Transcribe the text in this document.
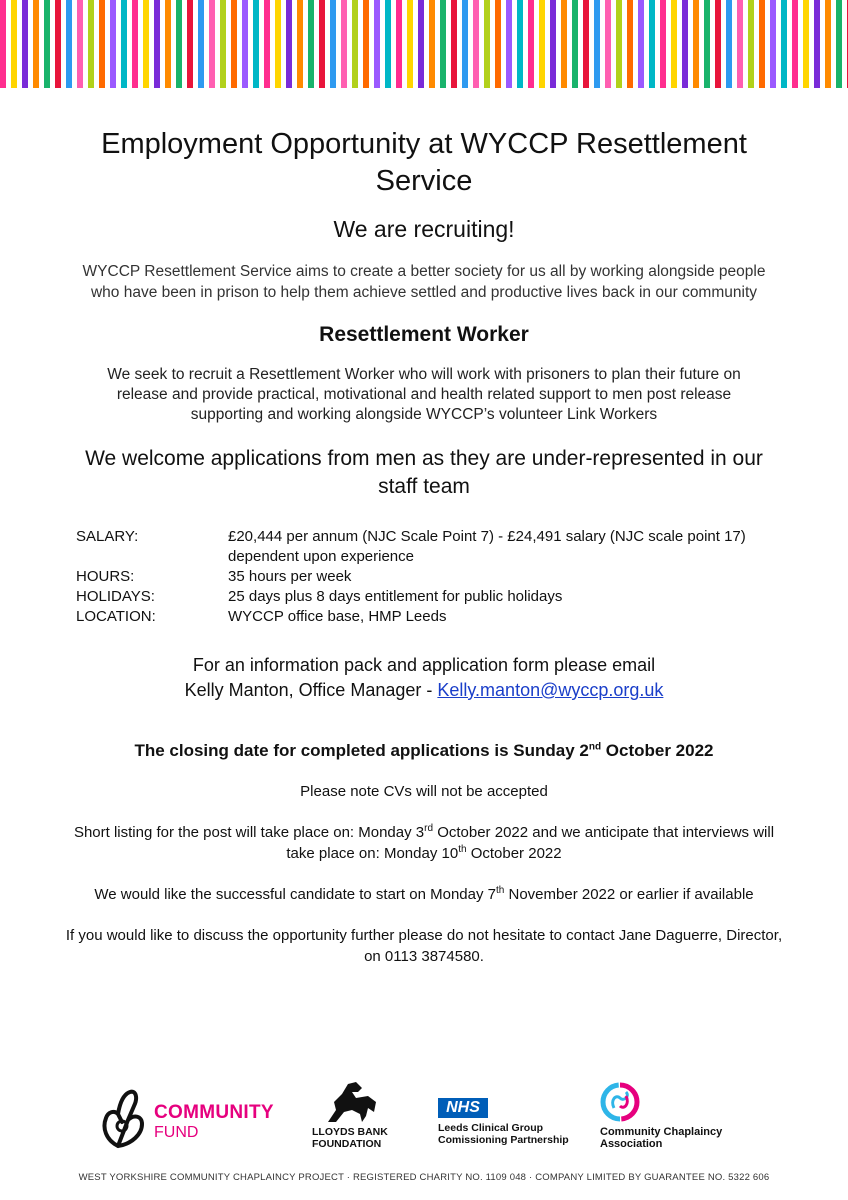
Employment Opportunity at WYCCP Resettlement Service
We are recruiting!
WYCCP Resettlement Service aims to create a better society for us all by working alongside people who have been in prison to help them achieve settled and productive lives back in our community
Resettlement Worker
We seek to recruit a Resettlement Worker who will work with prisoners to plan their future on release and provide practical, motivational and health related support to men post release supporting and working alongside WYCCP’s volunteer Link Workers
We welcome applications from men as they are under-represented in our staff team
SALARY:	£20,444 per annum (NJC Scale Point 7) - £24,491 salary (NJC scale point 17) dependent upon experience
HOURS:	35 hours per week
HOLIDAYS:	25 days plus 8 days entitlement for public holidays
LOCATION:	WYCCP office base, HMP Leeds
For an information pack and application form please email
Kelly Manton, Office Manager - Kelly.manton@wyccp.org.uk
The closing date for completed applications is Sunday 2nd October 2022
Please note CVs will not be accepted
Short listing for the post will take place on: Monday 3rd October 2022 and we anticipate that interviews will take place on: Monday 10th October 2022
We would like the successful candidate to start on Monday 7th November 2022 or earlier if available
If you would like to discuss the opportunity further please do not hesitate to contact Jane Daguerre, Director, on 0113 3874580.
COMMUNITY
FUND	LLOYDS BANK
FOUNDATION
NHS
Leeds Clinical Group
Comissioning Partnership
Community Chaplaincy
Association
WEST YORKSHIRE COMMUNITY CHAPLAINCY PROJECT · REGISTERED CHARITY NO. 1109 048 · COMPANY LIMITED BY GUARANTEE NO. 5322 606
